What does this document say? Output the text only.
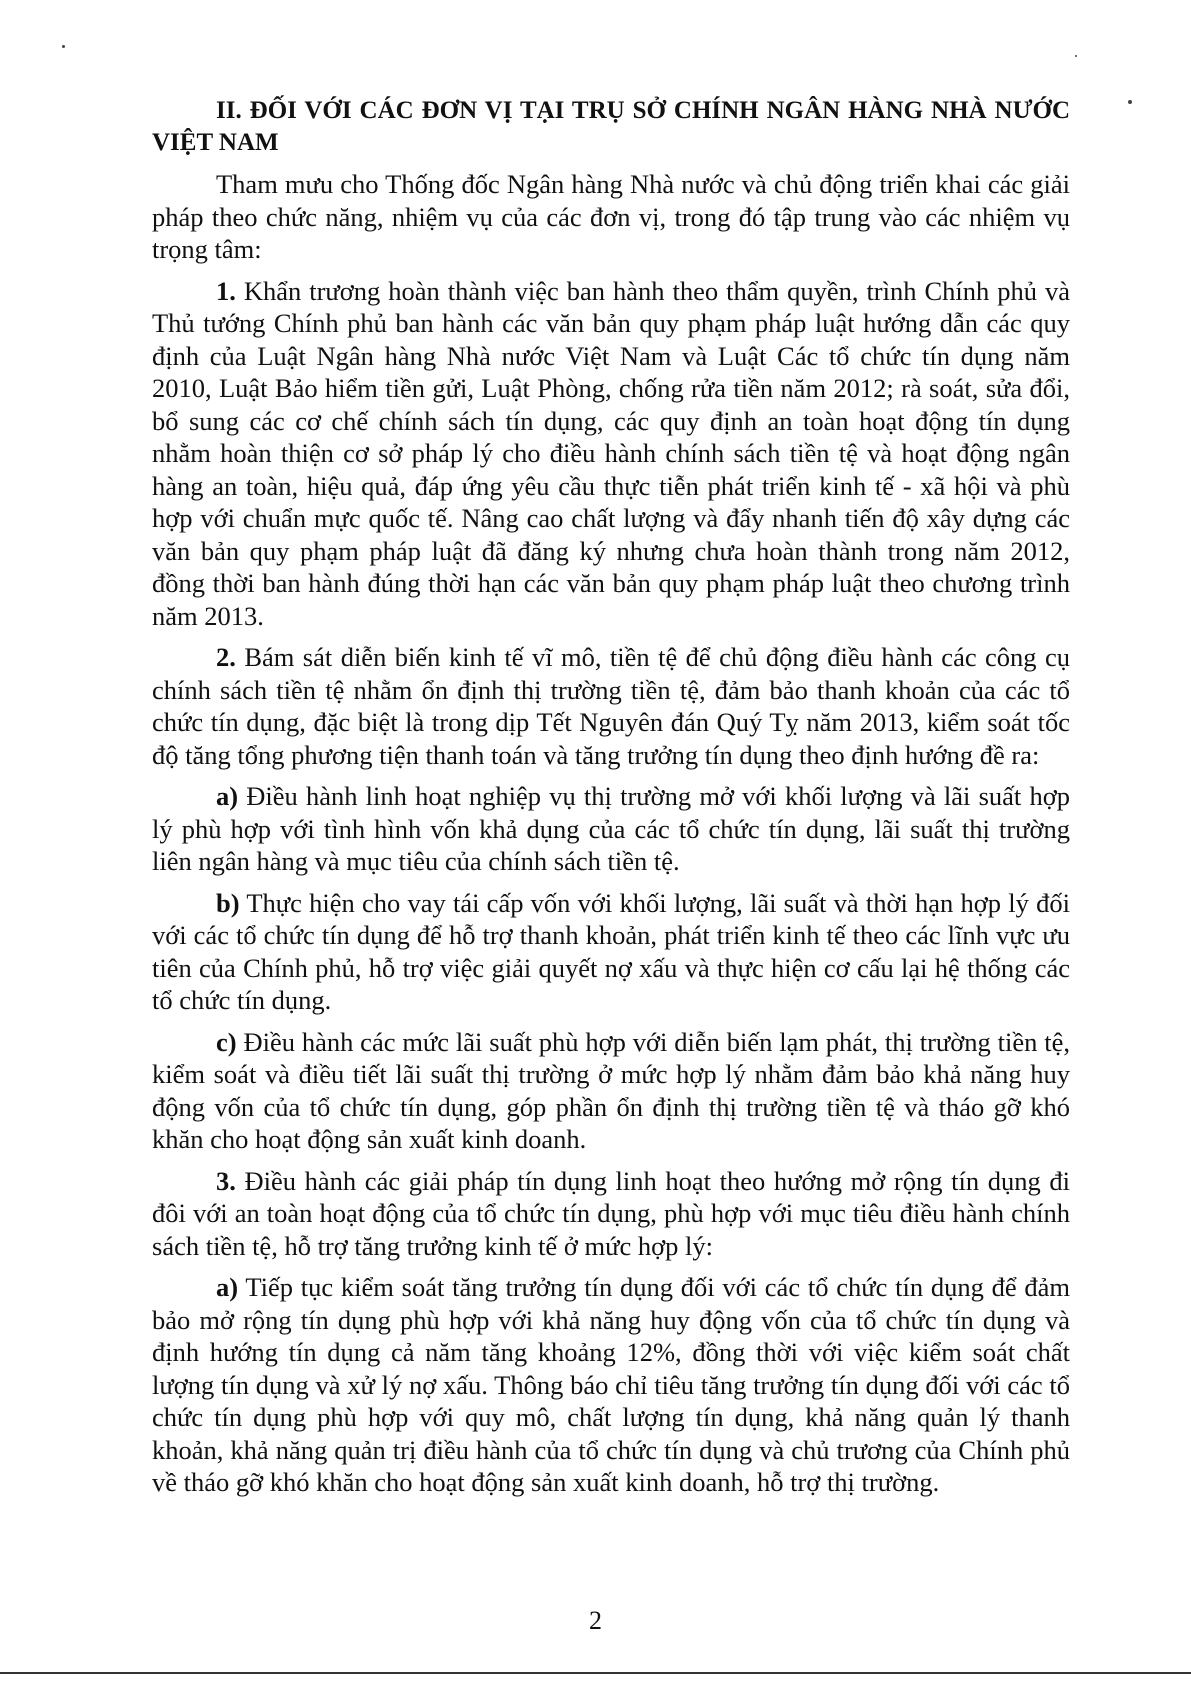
II. ĐỐI VỚI CÁC ĐƠN VỊ TẠI TRỤ SỞ CHÍNH NGÂN HÀNG NHÀ NƯỚC VIỆT NAM

Tham mưu cho Thống đốc Ngân hàng Nhà nước và chủ động triển khai các giải pháp theo chức năng, nhiệm vụ của các đơn vị, trong đó tập trung vào các nhiệm vụ trọng tâm:

1. Khẩn trương hoàn thành việc ban hành theo thẩm quyền, trình Chính phủ và Thủ tướng Chính phủ ban hành các văn bản quy phạm pháp luật hướng dẫn các quy định của Luật Ngân hàng Nhà nước Việt Nam và Luật Các tổ chức tín dụng năm 2010, Luật Bảo hiểm tiền gửi, Luật Phòng, chống rửa tiền năm 2012; rà soát, sửa đổi, bổ sung các cơ chế chính sách tín dụng, các quy định an toàn hoạt động tín dụng nhằm hoàn thiện cơ sở pháp lý cho điều hành chính sách tiền tệ và hoạt động ngân hàng an toàn, hiệu quả, đáp ứng yêu cầu thực tiễn phát triển kinh tế - xã hội và phù hợp với chuẩn mực quốc tế. Nâng cao chất lượng và đẩy nhanh tiến độ xây dựng các văn bản quy phạm pháp luật đã đăng ký nhưng chưa hoàn thành trong năm 2012, đồng thời ban hành đúng thời hạn các văn bản quy phạm pháp luật theo chương trình năm 2013.

2. Bám sát diễn biến kinh tế vĩ mô, tiền tệ để chủ động điều hành các công cụ chính sách tiền tệ nhằm ổn định thị trường tiền tệ, đảm bảo thanh khoản của các tổ chức tín dụng, đặc biệt là trong dịp Tết Nguyên đán Quý Tỵ năm 2013, kiểm soát tốc độ tăng tổng phương tiện thanh toán và tăng trưởng tín dụng theo định hướng đề ra:

a) Điều hành linh hoạt nghiệp vụ thị trường mở với khối lượng và lãi suất hợp lý phù hợp với tình hình vốn khả dụng của các tổ chức tín dụng, lãi suất thị trường liên ngân hàng và mục tiêu của chính sách tiền tệ.

b) Thực hiện cho vay tái cấp vốn với khối lượng, lãi suất và thời hạn hợp lý đối với các tổ chức tín dụng để hỗ trợ thanh khoản, phát triển kinh tế theo các lĩnh vực ưu tiên của Chính phủ, hỗ trợ việc giải quyết nợ xấu và thực hiện cơ cấu lại hệ thống các tổ chức tín dụng.

c) Điều hành các mức lãi suất phù hợp với diễn biến lạm phát, thị trường tiền tệ, kiểm soát và điều tiết lãi suất thị trường ở mức hợp lý nhằm đảm bảo khả năng huy động vốn của tổ chức tín dụng, góp phần ổn định thị trường tiền tệ và tháo gỡ khó khăn cho hoạt động sản xuất kinh doanh.

3. Điều hành các giải pháp tín dụng linh hoạt theo hướng mở rộng tín dụng đi đôi với an toàn hoạt động của tổ chức tín dụng, phù hợp với mục tiêu điều hành chính sách tiền tệ, hỗ trợ tăng trưởng kinh tế ở mức hợp lý:

a) Tiếp tục kiểm soát tăng trưởng tín dụng đối với các tổ chức tín dụng để đảm bảo mở rộng tín dụng phù hợp với khả năng huy động vốn của tổ chức tín dụng và định hướng tín dụng cả năm tăng khoảng 12%, đồng thời với việc kiểm soát chất lượng tín dụng và xử lý nợ xấu. Thông báo chỉ tiêu tăng trưởng tín dụng đối với các tổ chức tín dụng phù hợp với quy mô, chất lượng tín dụng, khả năng quản lý thanh khoản, khả năng quản trị điều hành của tổ chức tín dụng và chủ trương của Chính phủ về tháo gỡ khó khăn cho hoạt động sản xuất kinh doanh, hỗ trợ thị trường.

2
